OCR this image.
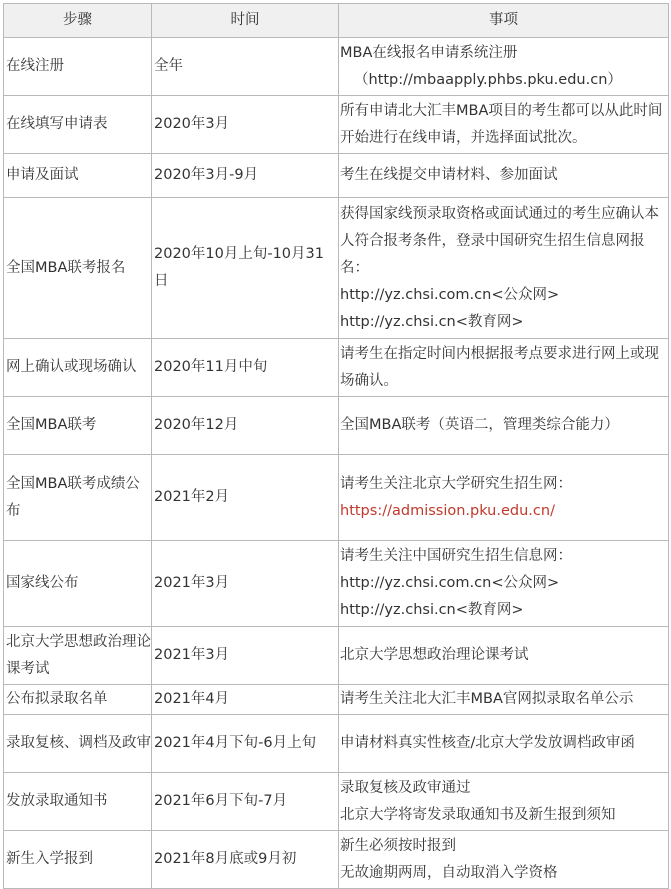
步骤	时间	事项
在线注册	全年	MBA在线报名申请系统注册
（http://mbaapply.phbs.pku.edu.cn）

在线填写申请表	2020年3月	所有申请北大汇丰MBA项目的考生都可以从此时间开始进行在线申请，并选择面试批次。
申请及面试	2020年3月-9月	考生在线提交申请材料、参加面试
全国MBA联考报名	2020年10月上旬-10月31日	获得国家线预录取资格或面试通过的考生应确认本人符合报考条件，登录中国研究生招生信息网报名：
http://yz.chsi.com.cn<公众网>
http://yz.chsi.cn<教育网>

网上确认或现场确认	2020年11月中旬	请考生在指定时间内根据报考点要求进行网上或现场确认。
全国MBA联考	2020年12月	全国MBA联考（英语二，管理类综合能力）
全国MBA联考成绩公布	2021年2月	请考生关注北京大学研究生招生网：
https://admission.pku.edu.cn/

国家线公布	2021年3月	请考生关注中国研究生招生信息网：
http://yz.chsi.com.cn<公众网>
http://yz.chsi.cn<教育网>

北京大学思想政治理论课考试	2021年3月	北京大学思想政治理论课考试
公布拟录取名单	2021年4月	请考生关注北大汇丰MBA官网拟录取名单公示
录取复核、调档及政审	2021年4月下旬-6月上旬	申请材料真实性核查/北京大学发放调档政审函
发放录取通知书	2021年6月下旬-7月	录取复核及政审通过
北京大学将寄发录取通知书及新生报到须知

新生入学报到	2021年8月底或9月初	新生必须按时报到
无故逾期两周，自动取消入学资格
